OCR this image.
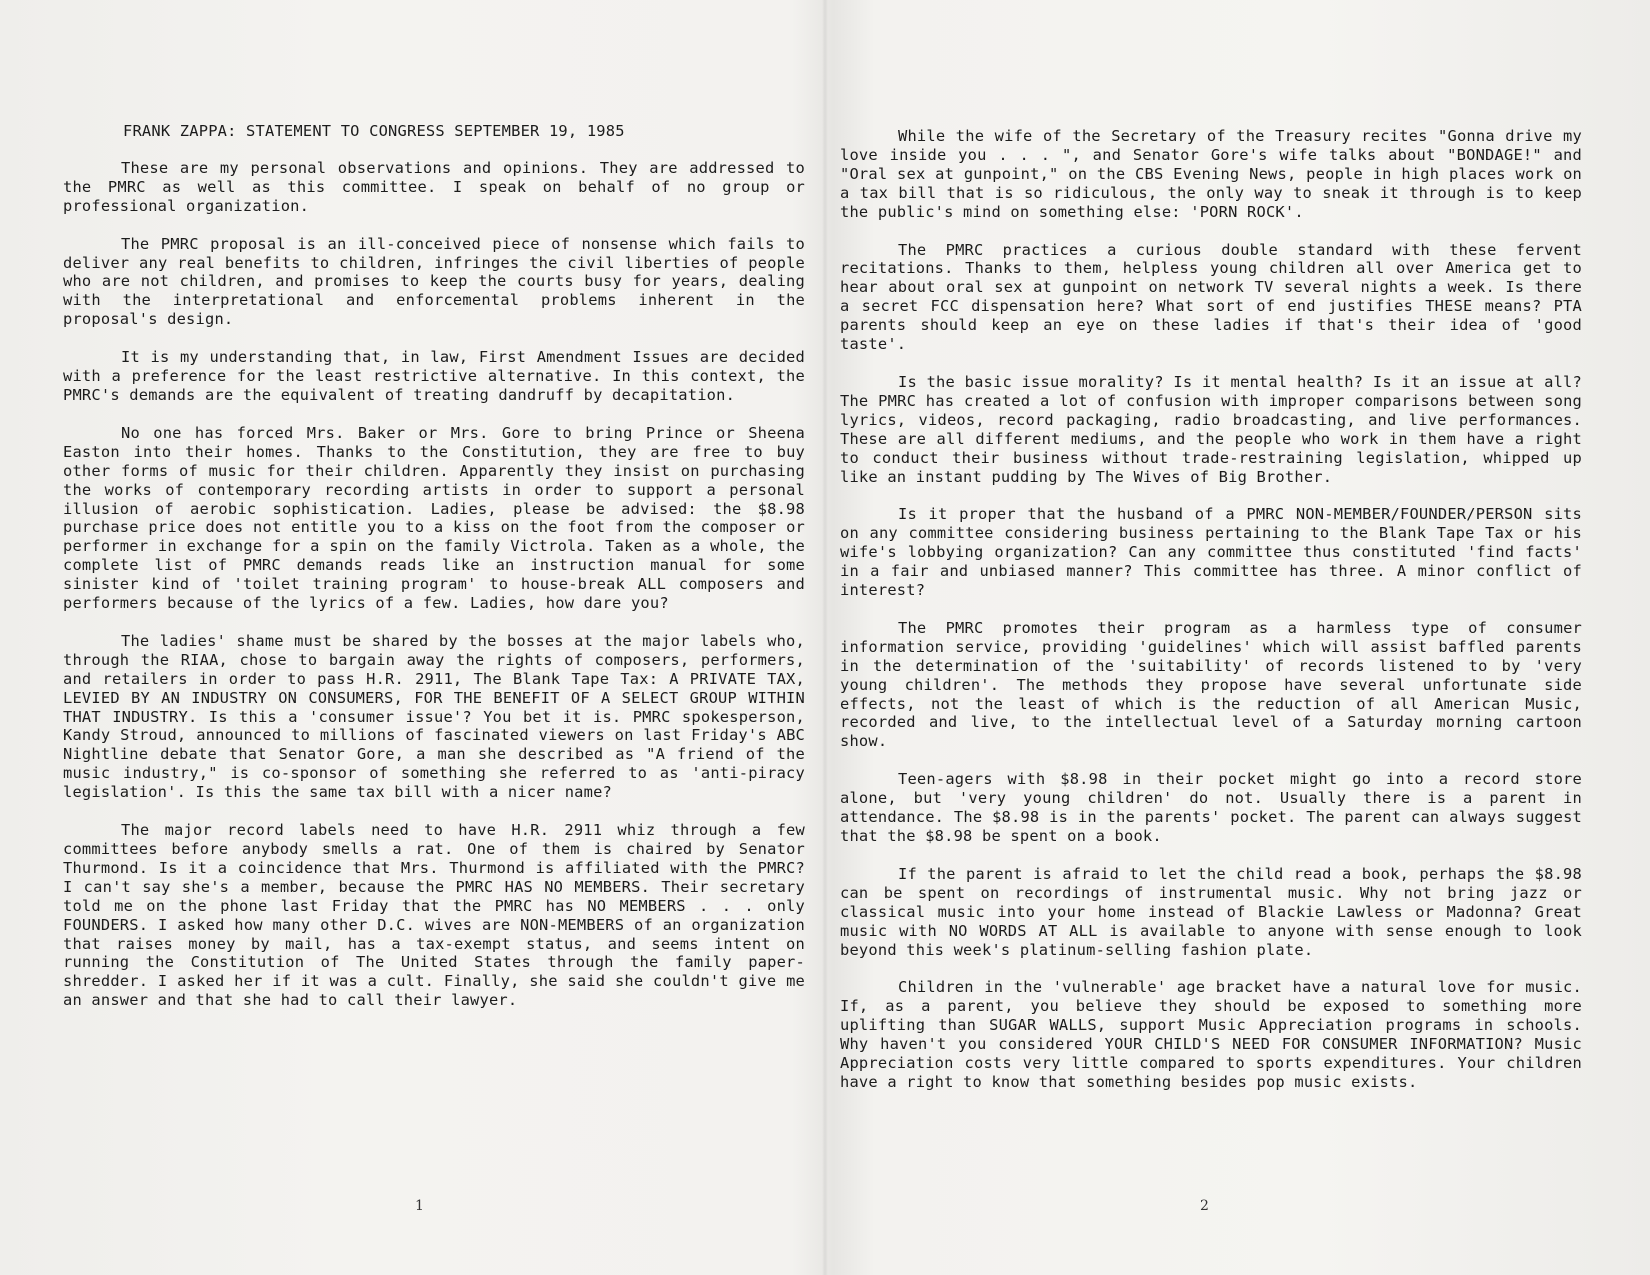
FRANK ZAPPA: STATEMENT TO CONGRESS SEPTEMBER 19, 1985

These are my personal observations and opinions. They are addressed to the PMRC as well as this committee. I speak on behalf of no group or professional organization.

The PMRC proposal is an ill-conceived piece of nonsense which fails to deliver any real benefits to children, infringes the civil liberties of people who are not children, and promises to keep the courts busy for years, dealing with the interpretational and enforcemental problems inherent in the proposal's design.

It is my understanding that, in law, First Amendment Issues are decided with a preference for the least restrictive alternative. In this context, the PMRC's demands are the equivalent of treating dandruff by decapitation.

No one has forced Mrs. Baker or Mrs. Gore to bring Prince or Sheena Easton into their homes. Thanks to the Constitution, they are free to buy other forms of music for their children. Apparently they insist on purchasing the works of contemporary recording artists in order to support a personal illusion of aerobic sophistication. Ladies, please be advised: the $8.98 purchase price does not entitle you to a kiss on the foot from the composer or performer in exchange for a spin on the family Victrola. Taken as a whole, the complete list of PMRC demands reads like an instruction manual for some sinister kind of 'toilet training program' to house-break ALL composers and performers because of the lyrics of a few. Ladies, how dare you?

The ladies' shame must be shared by the bosses at the major labels who, through the RIAA, chose to bargain away the rights of composers, performers, and retailers in order to pass H.R. 2911, The Blank Tape Tax: A PRIVATE TAX, LEVIED BY AN INDUSTRY ON CONSUMERS, FOR THE BENEFIT OF A SELECT GROUP WITHIN THAT INDUSTRY. Is this a 'consumer issue'? You bet it is. PMRC spokesperson, Kandy Stroud, announced to millions of fascinated viewers on last Friday's ABC Nightline debate that Senator Gore, a man she described as "A friend of the music industry," is co-sponsor of something she referred to as 'anti-piracy legislation'. Is this the same tax bill with a nicer name?

The major record labels need to have H.R. 2911 whiz through a few committees before anybody smells a rat. One of them is chaired by Senator Thurmond. Is it a coincidence that Mrs. Thurmond is affiliated with the PMRC? I can't say she's a member, because the PMRC HAS NO MEMBERS. Their secretary told me on the phone last Friday that the PMRC has NO MEMBERS . . . only FOUNDERS. I asked how many other D.C. wives are NON-MEMBERS of an organization that raises money by mail, has a tax-exempt status, and seems intent on running the Constitution of The United States through the family paper-shredder. I asked her if it was a cult. Finally, she said she couldn't give me an answer and that she had to call their lawyer.

1

While the wife of the Secretary of the Treasury recites "Gonna drive my love inside you . . . ", and Senator Gore's wife talks about "BONDAGE!" and "Oral sex at gunpoint," on the CBS Evening News, people in high places work on a tax bill that is so ridiculous, the only way to sneak it through is to keep the public's mind on something else: 'PORN ROCK'.

The PMRC practices a curious double standard with these fervent recitations. Thanks to them, helpless young children all over America get to hear about oral sex at gunpoint on network TV several nights a week. Is there a secret FCC dispensation here? What sort of end justifies THESE means? PTA parents should keep an eye on these ladies if that's their idea of 'good taste'.

Is the basic issue morality? Is it mental health? Is it an issue at all? The PMRC has created a lot of confusion with improper comparisons between song lyrics, videos, record packaging, radio broadcasting, and live performances. These are all different mediums, and the people who work in them have a right to conduct their business without trade-restraining legislation, whipped up like an instant pudding by The Wives of Big Brother.

Is it proper that the husband of a PMRC NON-MEMBER/FOUNDER/PERSON sits on any committee considering business pertaining to the Blank Tape Tax or his wife's lobbying organization? Can any committee thus constituted 'find facts' in a fair and unbiased manner? This committee has three. A minor conflict of interest?

The PMRC promotes their program as a harmless type of consumer information service, providing 'guidelines' which will assist baffled parents in the determination of the 'suitability' of records listened to by 'very young children'. The methods they propose have several unfortunate side effects, not the least of which is the reduction of all American Music, recorded and live, to the intellectual level of a Saturday morning cartoon show.

Teen-agers with $8.98 in their pocket might go into a record store alone, but 'very young children' do not. Usually there is a parent in attendance. The $8.98 is in the parents' pocket. The parent can always suggest that the $8.98 be spent on a book.

If the parent is afraid to let the child read a book, perhaps the $8.98 can be spent on recordings of instrumental music. Why not bring jazz or classical music into your home instead of Blackie Lawless or Madonna? Great music with NO WORDS AT ALL is available to anyone with sense enough to look beyond this week's platinum-selling fashion plate.

Children in the 'vulnerable' age bracket have a natural love for music. If, as a parent, you believe they should be exposed to something more uplifting than SUGAR WALLS, support Music Appreciation programs in schools. Why haven't you considered YOUR CHILD'S NEED FOR CONSUMER INFORMATION? Music Appreciation costs very little compared to sports expenditures. Your children have a right to know that something besides pop music exists.

2
